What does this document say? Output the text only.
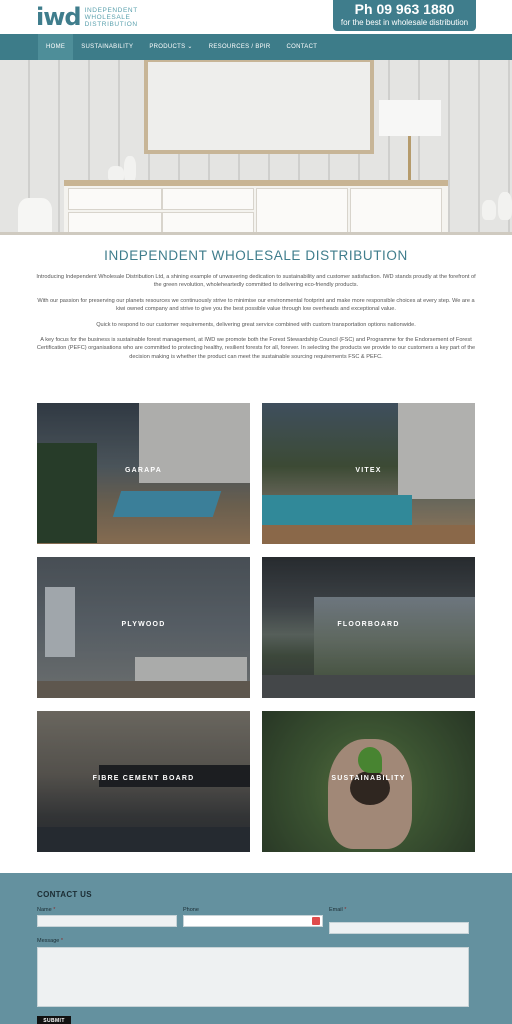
iwd INDEPENDENT
WHOLESALE
DISTRIBUTION
Ph 09 963 1880
for the best in wholesale distribution
HOME	SUSTAINABILITY	PRODUCTS ⌄	RESOURCES / BPIR	CONTACT
INDEPENDENT WHOLESALE DISTRIBUTION

Introducing Independent Wholesale Distribution Ltd, a shining example of unwavering dedication to sustainability and customer satisfaction. IWD stands proudly at the forefront of the green revolution, wholeheartedly committed to delivering eco-friendly products.

With our passion for preserving our planets resources we continuously strive to minimise our environmental footprint and make more responsible choices at every step. We are a kiwi owned company and strive to give you the best possible value through low overheads and exceptional value.

Quick to respond to our customer requirements, delivering great service combined with custom transportation options nationwide.

A key focus for the business is sustainable forest management, at IWD we promote both the Forest Stewardship Council (FSC) and Programme for the Endorsement of Forest Certification (PEFC) organisations who are committed to protecting healthy, resilient forests for all, forever. In selecting the products we provide to our customers a key part of the decision making is whether the product can meet the sustainable sourcing requirements FSC & PEFC.

GARAPA	VITEX
PLYWOOD	FLOORBOARD
FIBRE CEMENT BOARD	SUSTAINABILITY
CONTACT US
Name *	Phone	Email *
Message *
SUBMIT
